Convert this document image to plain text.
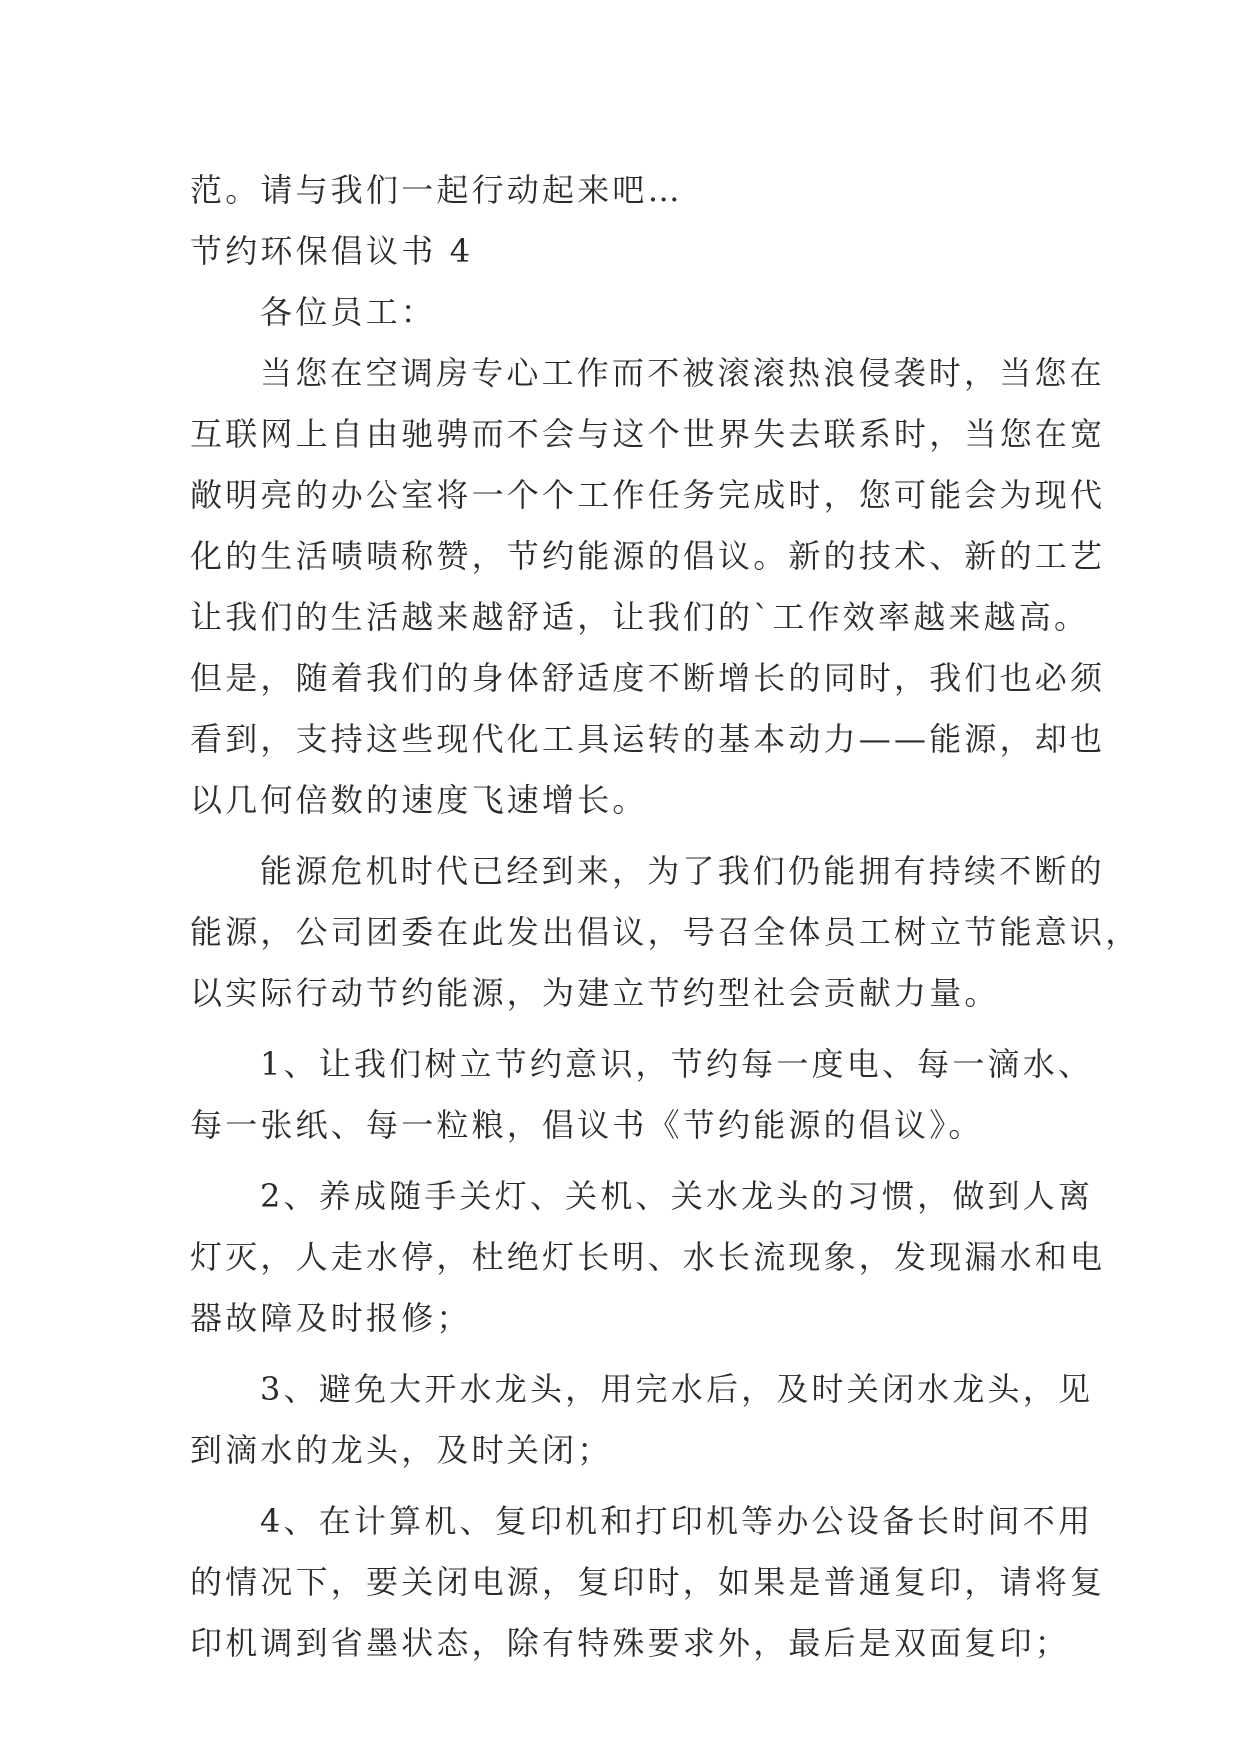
范。请与我们一起行动起来吧…
节约环保倡议书 4
各位员工：
当您在空调房专心工作而不被滚滚热浪侵袭时，当您在
互联网上自由驰骋而不会与这个世界失去联系时，当您在宽
敞明亮的办公室将一个个工作任务完成时，您可能会为现代
化的生活啧啧称赞，节约能源的倡议。新的技术、新的工艺
让我们的生活越来越舒适，让我们的`工作效率越来越高。
但是，随着我们的身体舒适度不断增长的同时，我们也必须
看到，支持这些现代化工具运转的基本动力——能源，却也
以几何倍数的速度飞速增长。
能源危机时代已经到来，为了我们仍能拥有持续不断的
能源，公司团委在此发出倡议，号召全体员工树立节能意识，
以实际行动节约能源，为建立节约型社会贡献力量。
1、让我们树立节约意识，节约每一度电、每一滴水、
每一张纸、每一粒粮，倡议书《节约能源的倡议》。
2、养成随手关灯、关机、关水龙头的习惯，做到人离
灯灭，人走水停，杜绝灯长明、水长流现象，发现漏水和电
器故障及时报修；
3、避免大开水龙头，用完水后，及时关闭水龙头，见
到滴水的龙头，及时关闭；
4、在计算机、复印机和打印机等办公设备长时间不用
的情况下，要关闭电源，复印时，如果是普通复印，请将复
印机调到省墨状态，除有特殊要求外，最后是双面复印；
